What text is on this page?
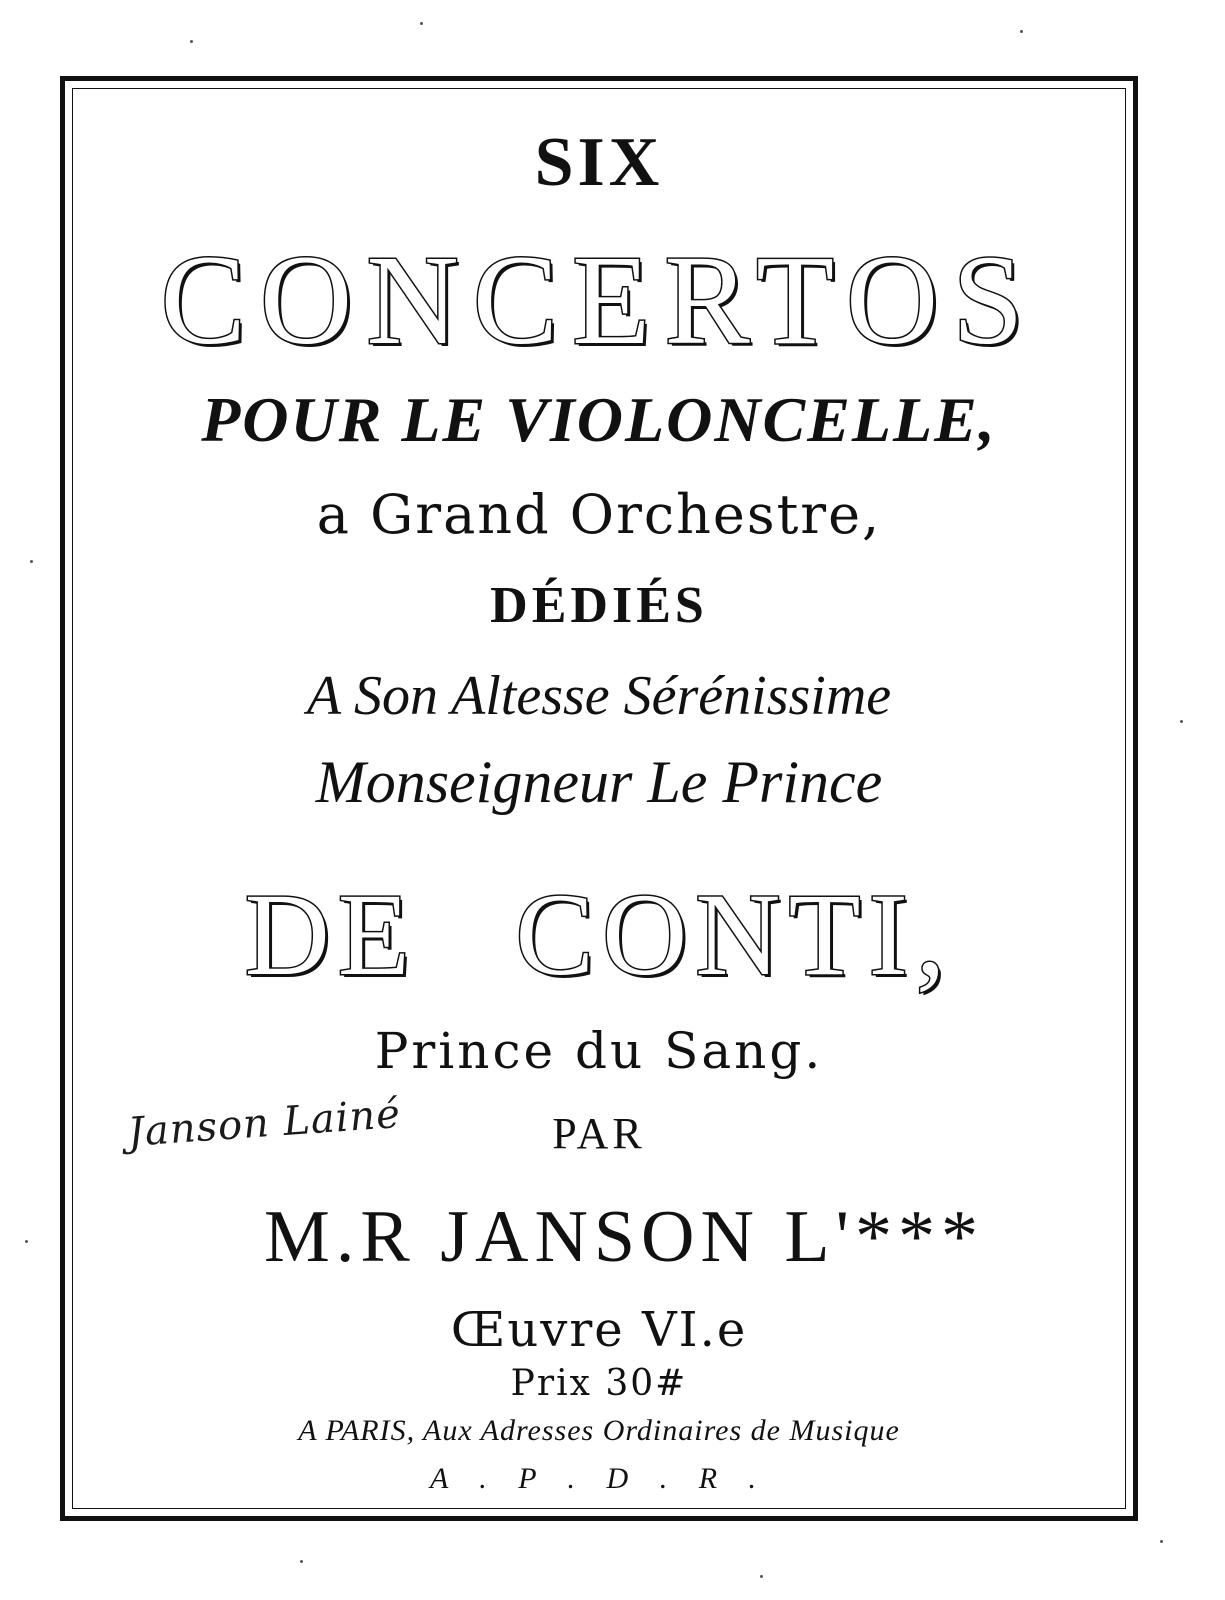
SIX
CONCERTOS
POUR LE VIOLONCELLE,
a Grand Orchestre,
DÉDIÉS
A Son Altesse Sérénissime
Monseigneur Le Prince
DE CONTI,
Prince du Sang.
Janson Lainé	PAR
M.R JANSON L'***
Œuvre VI.e
Prix 30#
A PARIS, Aux Adresses Ordinaires de Musique
A . P . D . R .
